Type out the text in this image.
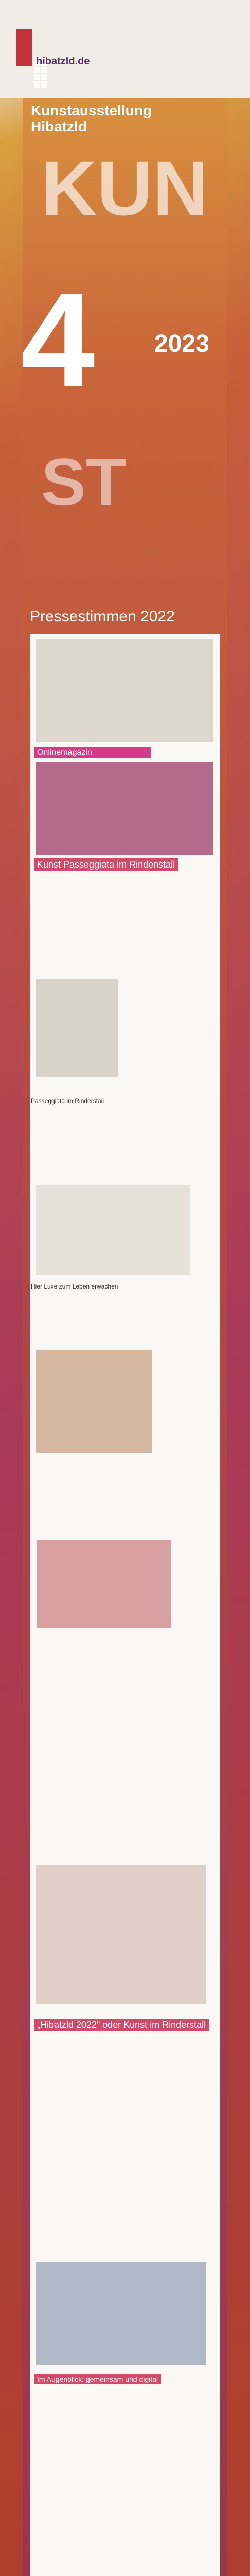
hibatzld.de
Kunstausstellung
Hibatzld
KUN
4 2023
ST
Pressestimmen 2022
Onlinemagazin
Kunst Passeggiata im Rindenstall
Passeggiata im Rinderstall
Hier Luxe zum Leben erwachen
„Hibatzld 2022“ oder Kunst im Rinderstall
Im Augenblick: gemeinsam und digital
